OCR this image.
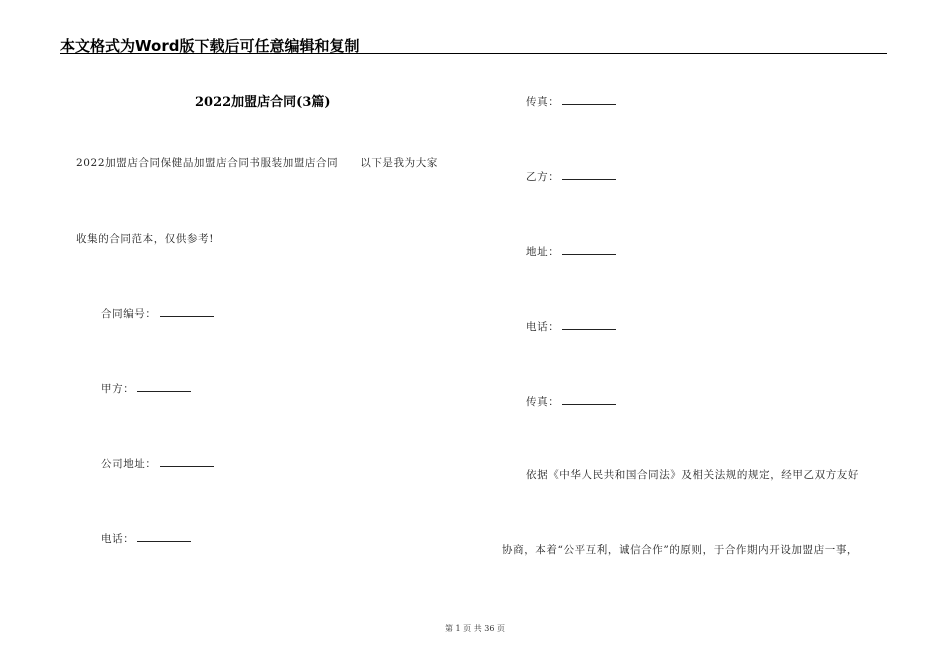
本文格式为Word版下载后可任意编辑和复制
2022加盟店合同(3篇)
2022加盟店合同保健品加盟店合同书服装加盟店合同 以下是我为大家
收集的合同范本，仅供参考!
合同编号：
甲方：
公司地址：
电话：
传真：
乙方：
地址：
电话：
传真：
依据《中华人民共和国合同法》及相关法规的规定，经甲乙双方友好
协商，本着“公平互利，诚信合作”的原则，于合作期内开设加盟店一事，
第 1 页 共 36 页
